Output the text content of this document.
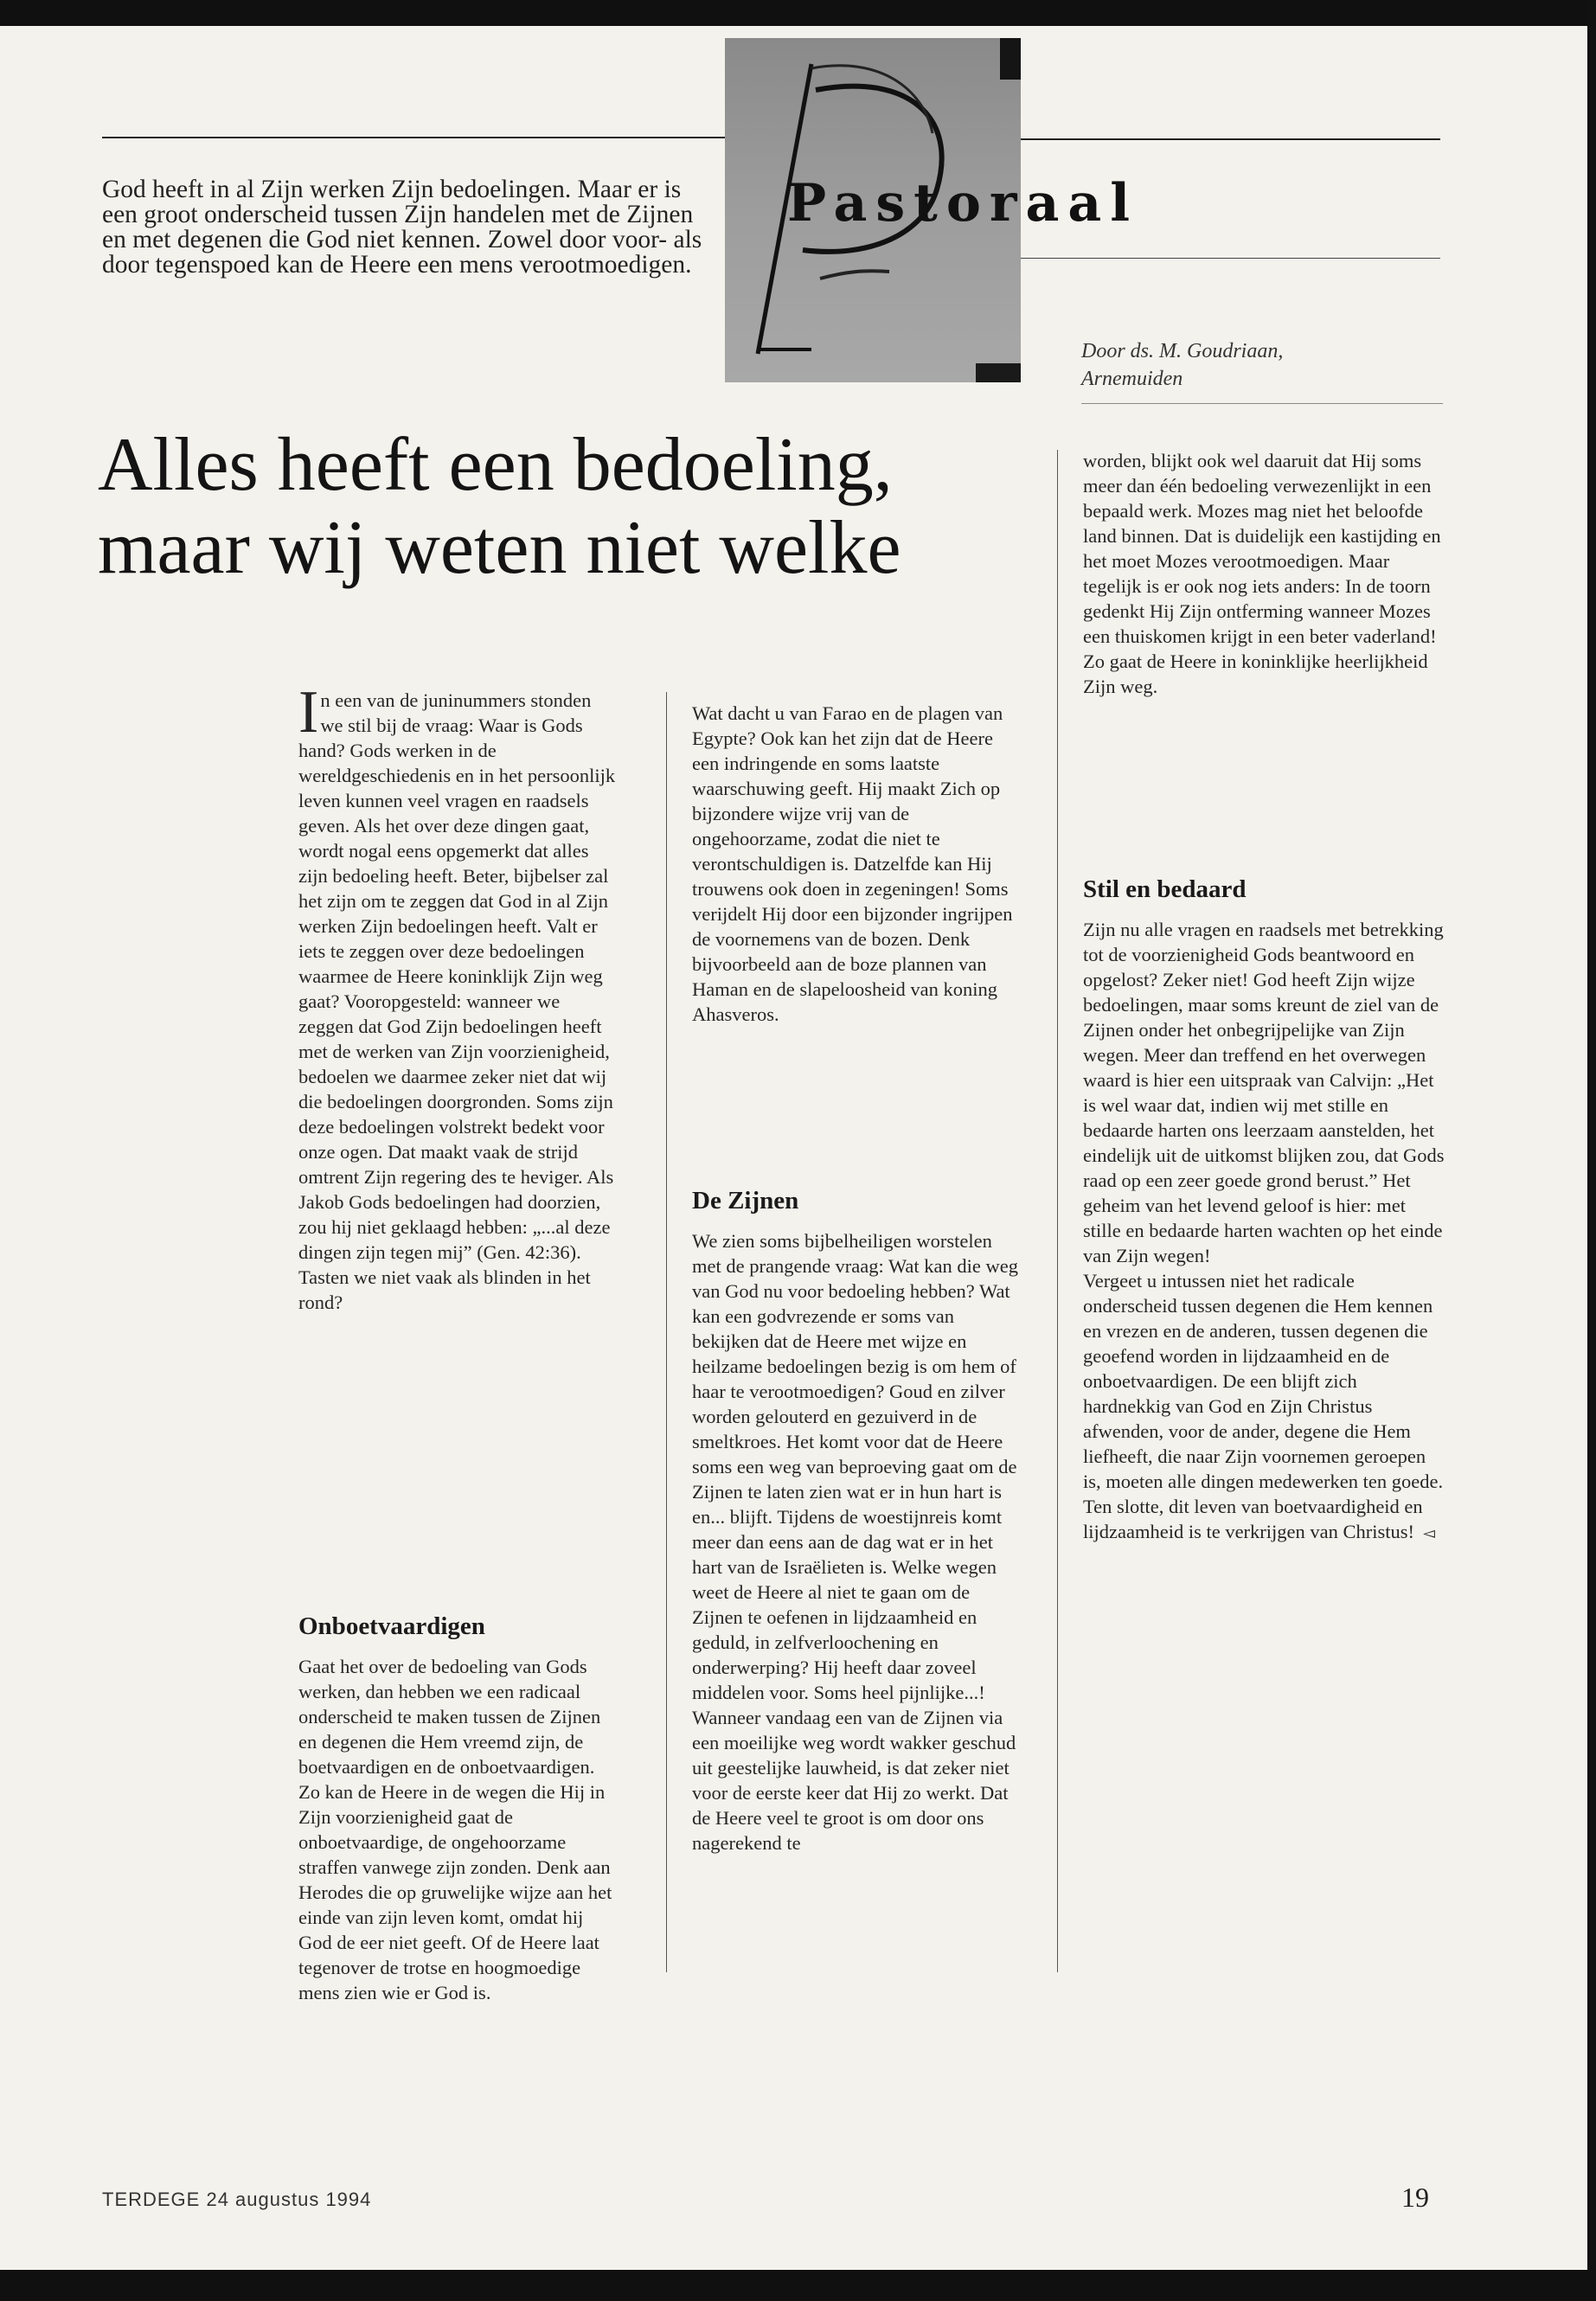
Pastoraal
God heeft in al Zijn werken Zijn bedoelingen. Maar er is een groot onderscheid tussen Zijn handelen met de Zijnen en met degenen die God niet kennen. Zowel door voor- als door tegenspoed kan de Heere een mens verootmoedigen.
Door ds. M. Goudriaan,
Arnemuiden
Alles heeft een bedoeling,
maar wij weten niet welke

In een van de juninummers stonden we stil bij de vraag: Waar is Gods hand? Gods werken in de wereldgeschiedenis en in het persoonlijk leven kunnen veel vragen en raadsels geven. Als het over deze dingen gaat, wordt nogal eens opgemerkt dat alles zijn bedoeling heeft. Beter, bijbelser zal het zijn om te zeggen dat God in al Zijn werken Zijn bedoelingen heeft. Valt er iets te zeggen over deze bedoelingen waarmee de Heere koninklijk Zijn weg gaat? Vooropgesteld: wanneer we zeggen dat God Zijn bedoelingen heeft met de werken van Zijn voorzienigheid, bedoelen we daarmee zeker niet dat wij die bedoelingen doorgronden. Soms zijn deze bedoelingen volstrekt bedekt voor onze ogen. Dat maakt vaak de strijd omtrent Zijn regering des te heviger. Als Jakob Gods bedoelingen had doorzien, zou hij niet geklaagd hebben: „...al deze dingen zijn tegen mij” (Gen. 42:36). Tasten we niet vaak als blinden in het rond?

Onboetvaardigen

Gaat het over de bedoeling van Gods werken, dan hebben we een radicaal onderscheid te maken tussen de Zijnen en degenen die Hem vreemd zijn, de boetvaardigen en de onboetvaardigen. Zo kan de Heere in de wegen die Hij in Zijn voorzienigheid gaat de onboetvaardige, de ongehoorzame straffen vanwege zijn zonden. Denk aan Herodes die op gruwelijke wijze aan het einde van zijn leven komt, omdat hij God de eer niet geeft. Of de Heere laat tegenover de trotse en hoogmoedige mens zien wie er God is.

Wat dacht u van Farao en de plagen van Egypte? Ook kan het zijn dat de Heere een indringende en soms laatste waarschuwing geeft. Hij maakt Zich op bijzondere wijze vrij van de ongehoorzame, zodat die niet te verontschuldigen is. Datzelfde kan Hij trouwens ook doen in zegeningen! Soms verijdelt Hij door een bijzonder ingrijpen de voornemens van de bozen. Denk bijvoorbeeld aan de boze plannen van Haman en de slapeloosheid van koning Ahasveros.

De Zijnen

We zien soms bijbelheiligen worstelen met de prangende vraag: Wat kan die weg van God nu voor bedoeling hebben? Wat kan een godvrezende er soms van bekijken dat de Heere met wijze en heilzame bedoelingen bezig is om hem of haar te verootmoedigen? Goud en zilver worden gelouterd en gezuiverd in de smeltkroes. Het komt voor dat de Heere soms een weg van beproeving gaat om de Zijnen te laten zien wat er in hun hart is en... blijft. Tijdens de woestijnreis komt meer dan eens aan de dag wat er in het hart van de Israëlieten is. Welke wegen weet de Heere al niet te gaan om de Zijnen te oefenen in lijdzaamheid en geduld, in zelfverloochening en onderwerping? Hij heeft daar zoveel middelen voor. Soms heel pijnlijke...! Wanneer vandaag een van de Zijnen via een moeilijke weg wordt wakker geschud uit geestelijke lauwheid, is dat zeker niet voor de eerste keer dat Hij zo werkt. Dat de Heere veel te groot is om door ons nagerekend te

worden, blijkt ook wel daaruit dat Hij soms meer dan één bedoeling verwezenlijkt in een bepaald werk. Mozes mag niet het beloofde land binnen. Dat is duidelijk een kastijding en het moet Mozes verootmoedigen. Maar tegelijk is er ook nog iets anders: In de toorn gedenkt Hij Zijn ontferming wanneer Mozes een thuiskomen krijgt in een beter vaderland! Zo gaat de Heere in koninklijke heerlijkheid Zijn weg.

Stil en bedaard

Zijn nu alle vragen en raadsels met betrekking tot de voorzienigheid Gods beantwoord en opgelost? Zeker niet! God heeft Zijn wijze bedoelingen, maar soms kreunt de ziel van de Zijnen onder het onbegrijpelijke van Zijn wegen. Meer dan treffend en het overwegen waard is hier een uitspraak van Calvijn: „Het is wel waar dat, indien wij met stille en bedaarde harten ons leerzaam aanstelden, het eindelijk uit de uitkomst blijken zou, dat Gods raad op een zeer goede grond berust.” Het geheim van het levend geloof is hier: met stille en bedaarde harten wachten op het einde van Zijn wegen!

Vergeet u intussen niet het radicale onderscheid tussen degenen die Hem kennen en vrezen en de anderen, tussen degenen die geoefend worden in lijdzaamheid en de onboetvaardigen. De een blijft zich hardnekkig van God en Zijn Christus afwenden, voor de ander, degene die Hem liefheeft, die naar Zijn voornemen geroepen is, moeten alle dingen medewerken ten goede. Ten slotte, dit leven van boetvaardigheid en lijdzaamheid is te verkrijgen van Christus! ◅

TERDEGE 24 augustus 1994	19
